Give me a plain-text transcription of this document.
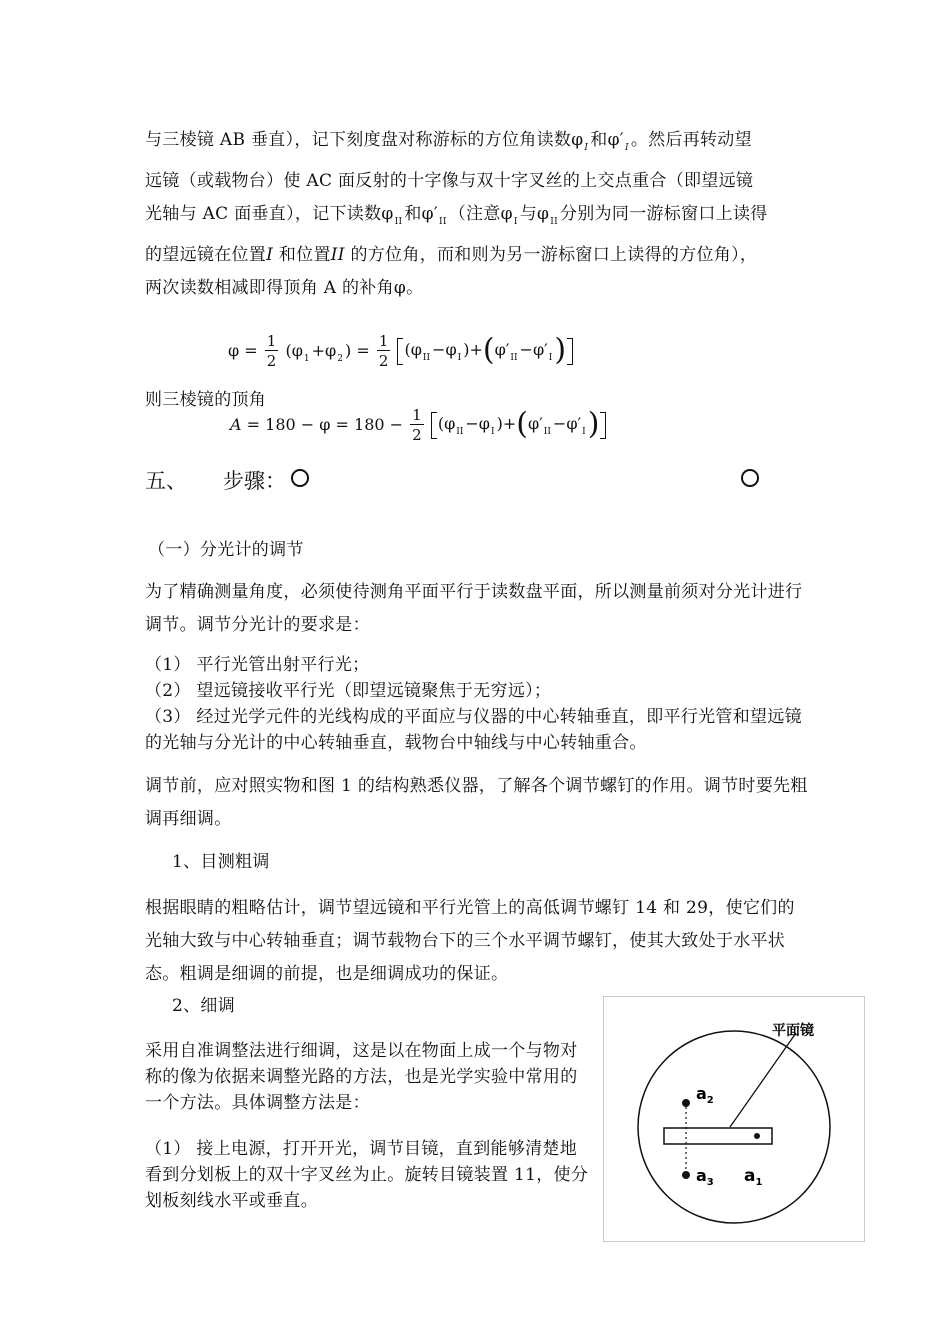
与三棱镜 AB 垂直），记下刻度盘对称游标的方位角读数$\varphi_I$ 和$\varphi'_I$ 。然后再转动望
远镜（或载物台）使 AC 面反射的十字像与双十字叉丝的上交点重合（即望远镜
光轴与 AC 面垂直），记下读数$\varphi_{II}$ 和$\varphi'_{II}$ （注意$\varphi_I$ 与$\varphi_{II}$ 分别为同一游标窗口上读得
的望远镜在位置I 和位置II 的方位角，而和则为另一游标窗口上读得的方位角），
两次读数相减即得顶角 A 的补角φ。
$\varphi = \frac{1}{2} (\varphi_1 +\varphi_2$ ) = $\frac{1}{2} (\varphi_{II} -\varphi_I$ )$+(\varphi'_{II} -\varphi'_I)$
则三棱镜的顶角
$A = 180 - \varphi = 180 - \frac{1}{2} (\varphi_{II} -\varphi_I$ )$+(\varphi'_{II} -\varphi'_I)$
五、 步骤：
（一）分光计的调节
为了精确测量角度，必须使待测角平面平行于读数盘平面，所以测量前须对分光计进行调节。调节分光计的要求是：
（1） 平行光管出射平行光；
（2） 望远镜接收平行光（即望远镜聚焦于无穷远）；
（3） 经过光学元件的光线构成的平面应与仪器的中心转轴垂直，即平行光管和望远镜的光轴与分光计的中心转轴垂直，载物台中轴线与中心转轴重合。
调节前，应对照实物和图 1 的结构熟悉仪器，了解各个调节螺钉的作用。调节时要先粗调再细调。
1、目测粗调
根据眼睛的粗略估计，调节望远镜和平行光管上的高低调节螺钉 14 和 29，使它们的光轴大致与中心转轴垂直；调节载物台下的三个水平调节螺钉，使其大致处于水平状态。粗调是细调的前提，也是细调成功的保证。
2、细调
采用自准调整法进行细调，这是以在物面上成一个与物对称的像为依据来调整光路的方法，也是光学实验中常用的一个方法。具体调整方法是：
（1） 接上电源，打开开光，调节目镜，直到能够清楚地看到分划板上的双十字叉丝为止。旋转目镜装置 11，使分划板刻线水平或垂直。
平面镜
$a_2$
$a_3$ $a_1$
